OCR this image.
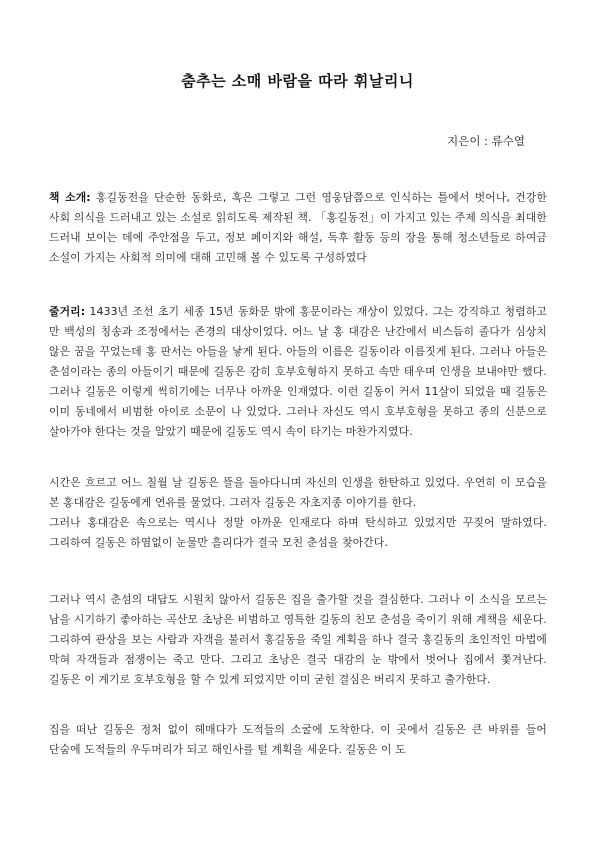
춤추는 소매 바람을 따라 휘날리니
지은이 : 류수열

책 소개: 홍길동전을 단순한 동화로, 혹은 그렇고 그런 영웅담쯤으로 인식하는 틀에서 벗어나, 건강한 사회 의식을 드러내고 있는 소설로 읽히도록 제작된 책. 「홍길동전」이 가지고 있는 주제 의식을 최대한 드러내 보이는 데에 주안점을 두고, 정보 페이지와 해설, 독후 활동 등의 장을 통해 청소년들로 하여금 소설이 가지는 사회적 의미에 대해 고민해 볼 수 있도록 구성하였다

줄거리: 1433년 조선 초기 세종 15년 동화문 밖에 홍문이라는 재상이 있었다. 그는 강직하고 청렴하고 만 백성의 칭송과 조정에서는 존경의 대상이었다. 어느 날 홍 대감은 난간에서 비스듬히 졸다가 심상치 않은 꿈을 꾸었는데 홍 판서는 아들을 낳게 된다. 아들의 이름은 길동이라 이름짓게 된다. 그러나 아들은 춘섬이라는 종의 아들이기 때문에 길동은 감히 호부호형하지 못하고 속만 태우며 인생을 보내야만 했다. 그러나 길동은 이렇게 썩히기에는 너무나 아까운 인재였다. 이런 길동이 커서 11살이 되었을 때 길동은 이미 동네에서 비범한 아이로 소문이 나 있었다. 그러나 자신도 역시 호부호형을 못하고 종의 신분으로 살아가야 한다는 것을 알았기 때문에 길동도 역시 속이 타기는 마찬가지였다.

시간은 흐르고 어느 칠월 날 길동은 뜰을 돌아다니며 자신의 인생을 한탄하고 있었다. 우연히 이 모습을 본 홍대감은 길동에게 연유를 물었다. 그러자 길동은 자초지종 이야기를 한다.

그러나 홍대감은 속으로는 역시나 정말 아까운 인재로다 하며 탄식하고 있었지만 꾸짖어 말하였다. 그리하여 길동은 하염없이 눈물만 흘리다가 결국 모친 춘섬을 찾아간다.

그러나 역시 춘섬의 대답도 시원치 않아서 길동은 집을 출가할 것을 결심한다. 그러나 이 소식을 모르는 남을 시기하기 좋아하는 곡산모 초낭은 비범하고 영특한 길동의 친모 춘섬을 죽이기 위해 계책을 세운다. 그리하여 관상을 보는 사람과 자객을 불러서 홍길동을 죽일 계획을 하나 결국 홍길동의 초인적인 마법에 막혀 자객들과 점쟁이는 죽고 만다. 그리고 초낭은 결국 대감의 눈 밖에서 벗어나 집에서 쫓겨난다. 길동은 이 계기로 호부호형을 할 수 있게 되었지만 이미 굳힌 결심은 버리지 못하고 출가한다.

집을 떠난 길동은 정처 없이 헤매다가 도적들의 소굴에 도착한다. 이 곳에서 길동은 큰 바위를 들어 단숨에 도적들의 우두머리가 되고 해인사를 털 계획을 세운다. 길동은 이 도
